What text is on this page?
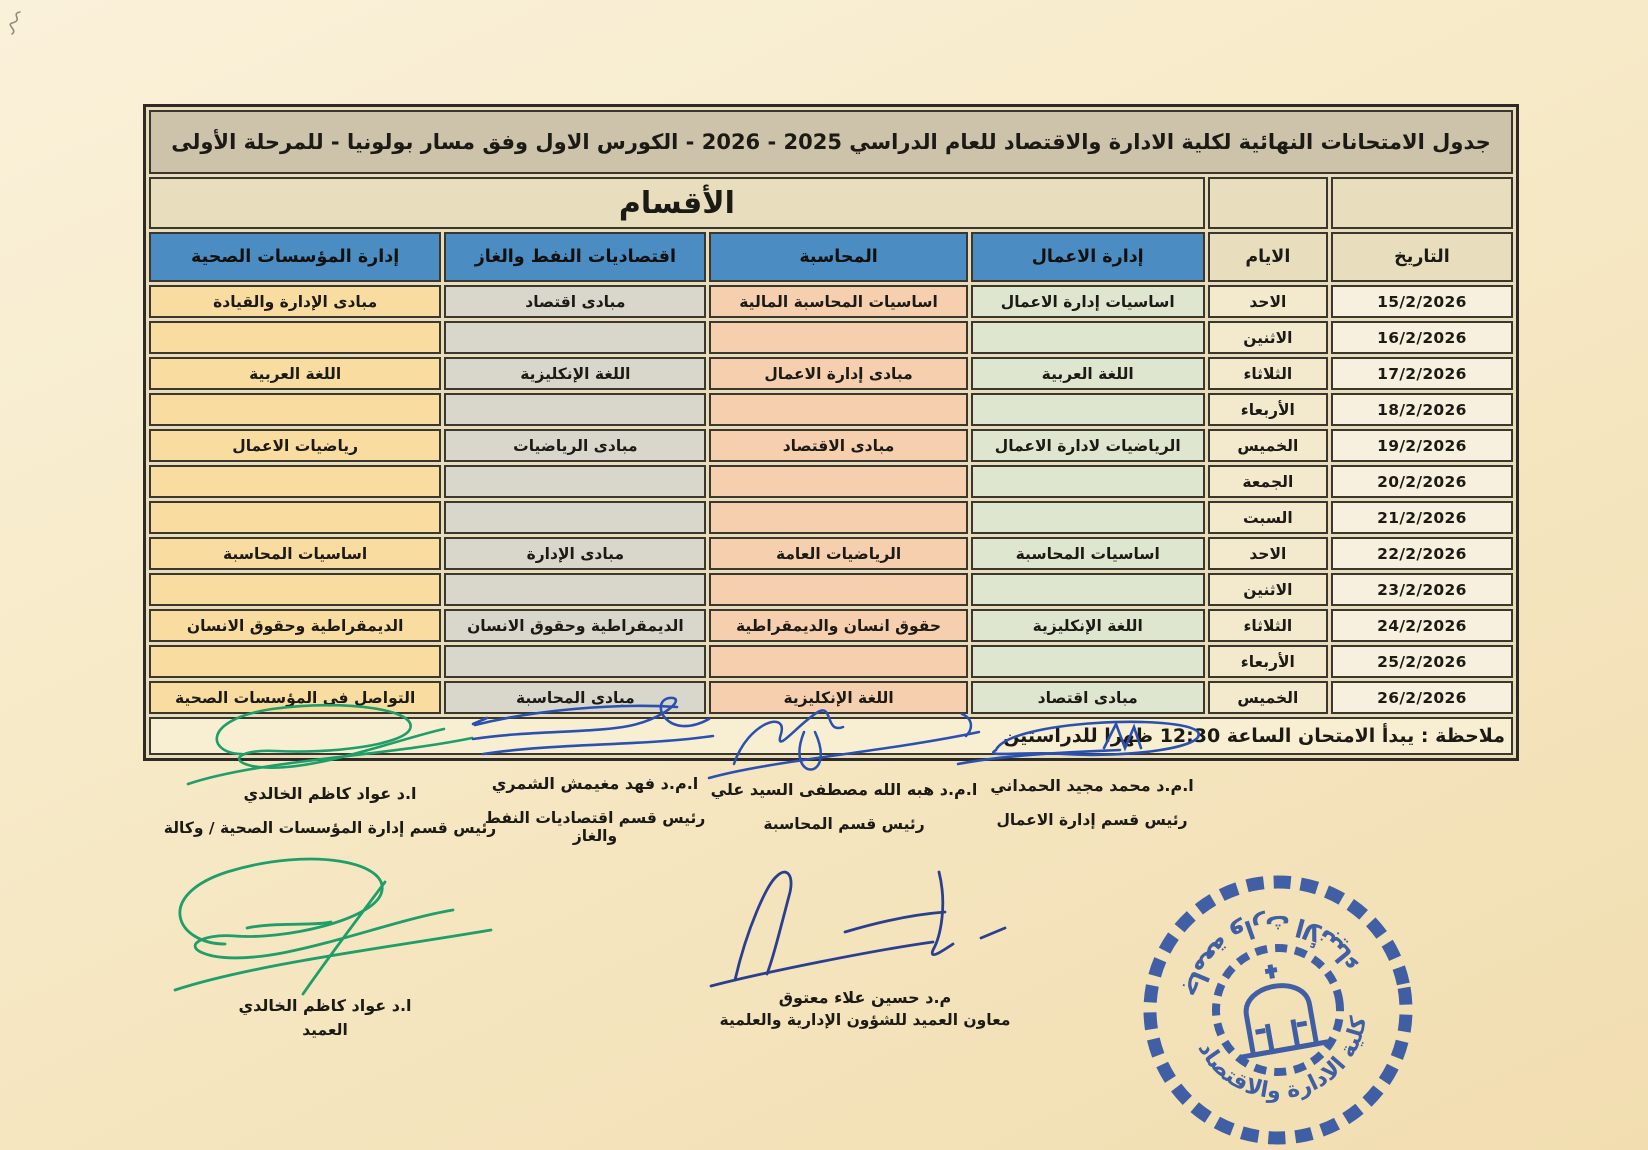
جدول الامتحانات النهائية لكلية الادارة والاقتصاد للعام الدراسي 2025 - 2026 - الكورس الاول وفق مسار بولونيا - للمرحلة الأولى					
		الأقسام			
التاريخ	الايام	إدارة الاعمال	المحاسبة	اقتصاديات النفط والغاز	إدارة المؤسسات الصحية
15/2/2026	الاحد	اساسيات إدارة الاعمال	اساسيات المحاسبة المالية	مبادى اقتصاد	مبادى الإدارة والقيادة
16/2/2026	الاثنين				
17/2/2026	الثلاثاء	اللغة العربية	مبادى إدارة الاعمال	اللغة الإنكليزية	اللغة العربية
18/2/2026	الأربعاء				
19/2/2026	الخميس	الرياضيات لادارة الاعمال	مبادى الاقتصاد	مبادى الرياضيات	رياضيات الاعمال
20/2/2026	الجمعة				
21/2/2026	السبت				
22/2/2026	الاحد	اساسيات المحاسبة	الرياضيات العامة	مبادى الإدارة	اساسيات المحاسبة
23/2/2026	الاثنين				
24/2/2026	الثلاثاء	اللغة الإنكليزية	حقوق انسان والديمقراطية	الديمقراطية وحقوق الانسان	الديمقراطية وحقوق الانسان
25/2/2026	الأربعاء				
26/2/2026	الخميس	مبادى اقتصاد	اللغة الإنكليزية	مبادى المحاسبة	التواصل في المؤسسات الصحية
ملاحظة : يبدأ الامتحان الساعة 12:30 ظهرا للدراستين					
ا.د عواد كاظم الخالدي
رئيس قسم إدارة المؤسسات الصحية / وكالة
ا.م.د فهد مغيمش الشمري
رئيس قسم اقتصاديات النفط والغاز
ا.م.د هبه الله مصطفى السيد علي
رئيس قسم المحاسبة
ا.م.د محمد مجيد الحمداني
رئيس قسم إدارة الاعمال
ا.د عواد كاظم الخالدي
العميد
م.د حسين علاء معتوق
معاون العميد للشؤون الإدارية والعلمية
جامعة وارث الأنبياء
كلية الادارة والاقتصاد
